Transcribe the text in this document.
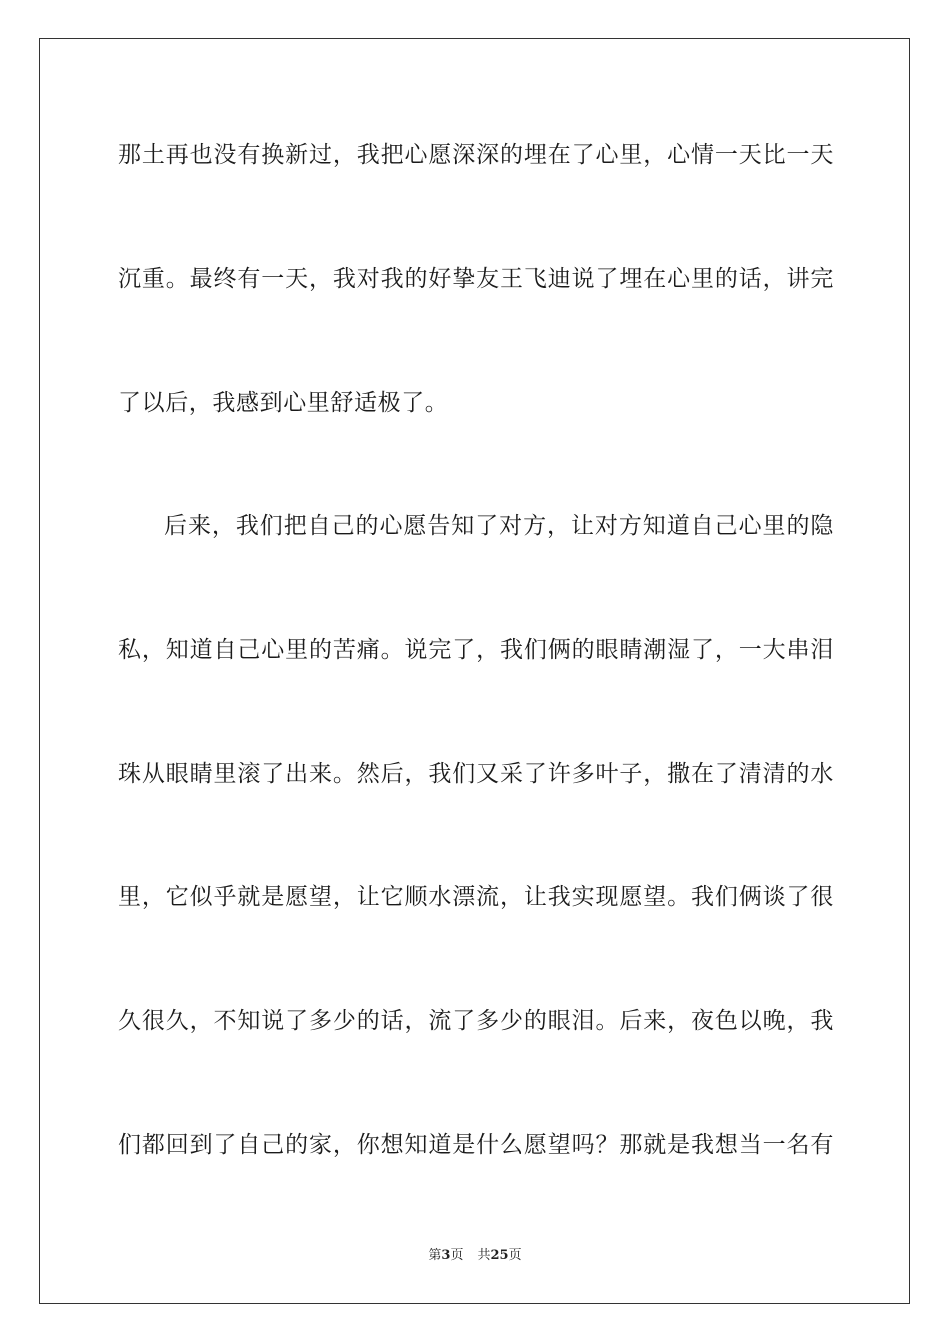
那土再也没有换新过，我把心愿深深的埋在了心里，心情一天比一天
沉重。最终有一天，我对我的好挚友王飞迪说了埋在心里的话，讲完
了以后，我感到心里舒适极了。
后来，我们把自己的心愿告知了对方，让对方知道自己心里的隐
私，知道自己心里的苦痛。说完了，我们俩的眼睛潮湿了，一大串泪
珠从眼睛里滚了出来。然后，我们又采了许多叶子，撒在了清清的水
里，它似乎就是愿望，让它顺水漂流，让我实现愿望。我们俩谈了很
久很久，不知说了多少的话，流了多少的眼泪。后来，夜色以晚，我
们都回到了自己的家，你想知道是什么愿望吗？那就是我想当一名有
第3页 共25页
